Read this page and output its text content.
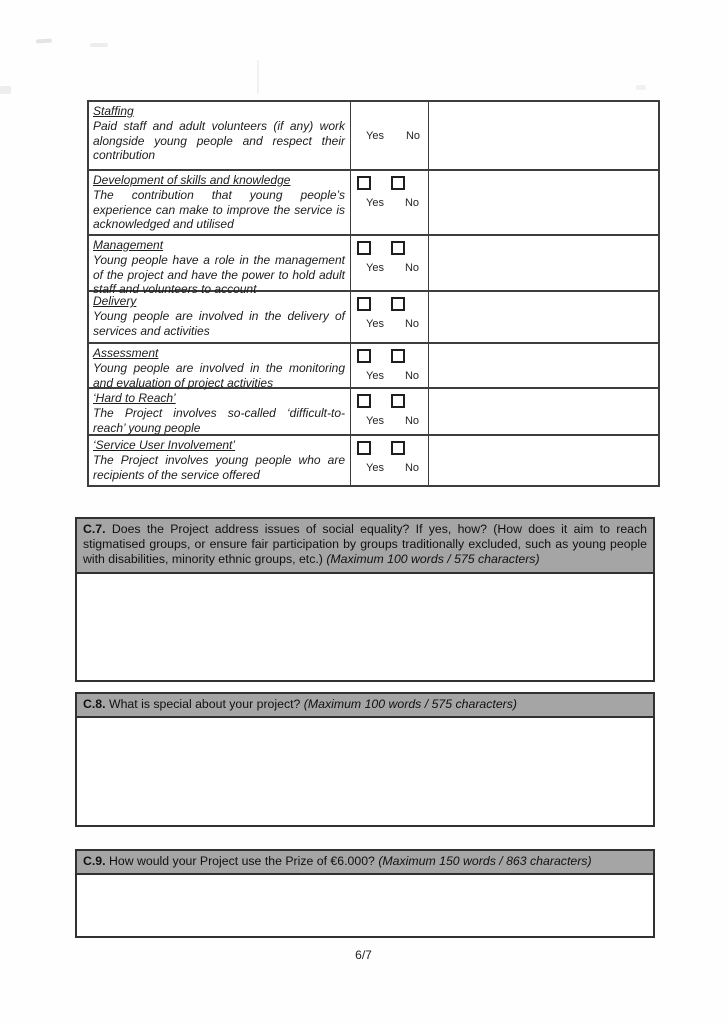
Staffing
Paid staff and adult volunteers (if any) work alongside young people and respect their contribution
Yes No
Development of skills and knowledge
The contribution that young people’s experience can make to improve the service is acknowledged and utilised
Yes No
Management
Young people have a role in the management of the project and have the power to hold adult staff and volunteers to account
Yes No
Delivery
Young people are involved in the delivery of services and activities	Yes No
Assessment
Young people are involved in the monitoring and evaluation of project activities	Yes No
‘Hard to Reach’
The Project involves so-called ‘difficult-to-reach’ young people	Yes No
‘Service User Involvement’
The Project involves young people who are recipients of the service offered	Yes No
C.7. Does the Project address issues of social equality? If yes, how? (How does it aim to reach stigmatised groups, or ensure fair participation by groups traditionally excluded, such as young people with disabilities, minority ethnic groups, etc.) (Maximum 100 words / 575 characters)
C.8. What is special about your project? (Maximum 100 words / 575 characters)
C.9. How would your Project use the Prize of €6.000? (Maximum 150 words / 863 characters)
6/7
